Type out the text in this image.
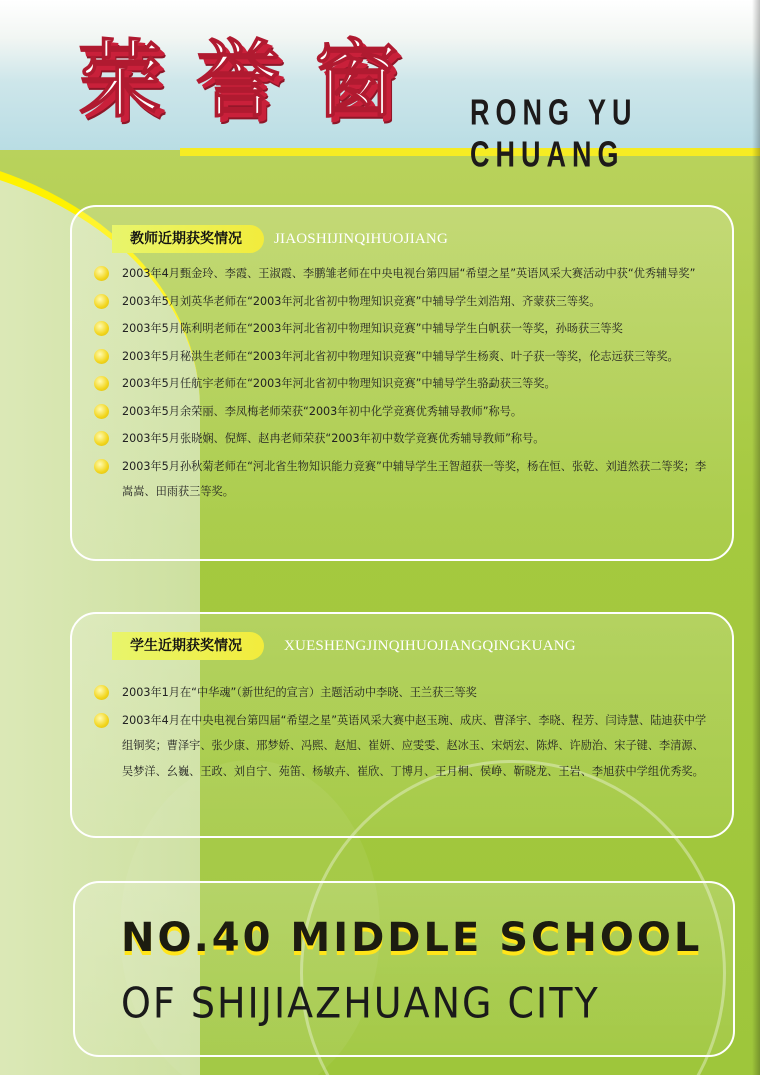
荣誉窗 RONG YU CHUANG
教师近期获奖情况	JIAOSHIJINQIHUOJIANG
2003年4月甄金玲、李霞、王淑霞、李鹏雏老师在中央电视台第四届“希望之星”英语风采大赛活动中获“优秀辅导奖”
2003年5月刘英华老师在“2003年河北省初中物理知识竞赛”中辅导学生刘浩翔、齐蒙获三等奖。
2003年5月陈利明老师在“2003年河北省初中物理知识竞赛”中辅导学生白帆获一等奖，孙旸获三等奖
2003年5月秘洪生老师在“2003年河北省初中物理知识竞赛”中辅导学生杨爽、叶子获一等奖，伦志远获三等奖。
2003年5月任航宇老师在“2003年河北省初中物理知识竞赛”中辅导学生骆勐获三等奖。
2003年5月余荣丽、李凤梅老师荣获“2003年初中化学竞赛优秀辅导教师”称号。
2003年5月张晓娴、倪辉、赵冉老师荣获“2003年初中数学竞赛优秀辅导教师”称号。
2003年5月孙秋菊老师在“河北省生物知识能力竞赛”中辅导学生王智超获一等奖，杨在恒、张乾、刘逍然获二等奖；李嵩嵩、田雨获三等奖。
学生近期获奖情况	XUESHENGJINQIHUOJIANGQINGKUANG
2003年1月在“中华魂”（新世纪的宣言）主题活动中李晓、王兰获三等奖
2003年4月在中央电视台第四届“希望之星”英语风采大赛中赵玉琬、成庆、曹泽宇、李晓、程芳、闫诗慧、陆迪获中学组铜奖；曹泽宇、张少康、邢梦娇、冯熙、赵旭、崔妍、应雯雯、赵冰玉、宋炳宏、陈烨、许励治、宋子键、李清源、吴梦洋、幺巍、王政、刘自宁、苑笛、杨敏卉、崔欣、丁博月、王月桐、侯峥、靳晓龙、王岩、李旭获中学组优秀奖。

NO.40 MIDDLE SCHOOL

OF SHIJIAZHUANG CITY
